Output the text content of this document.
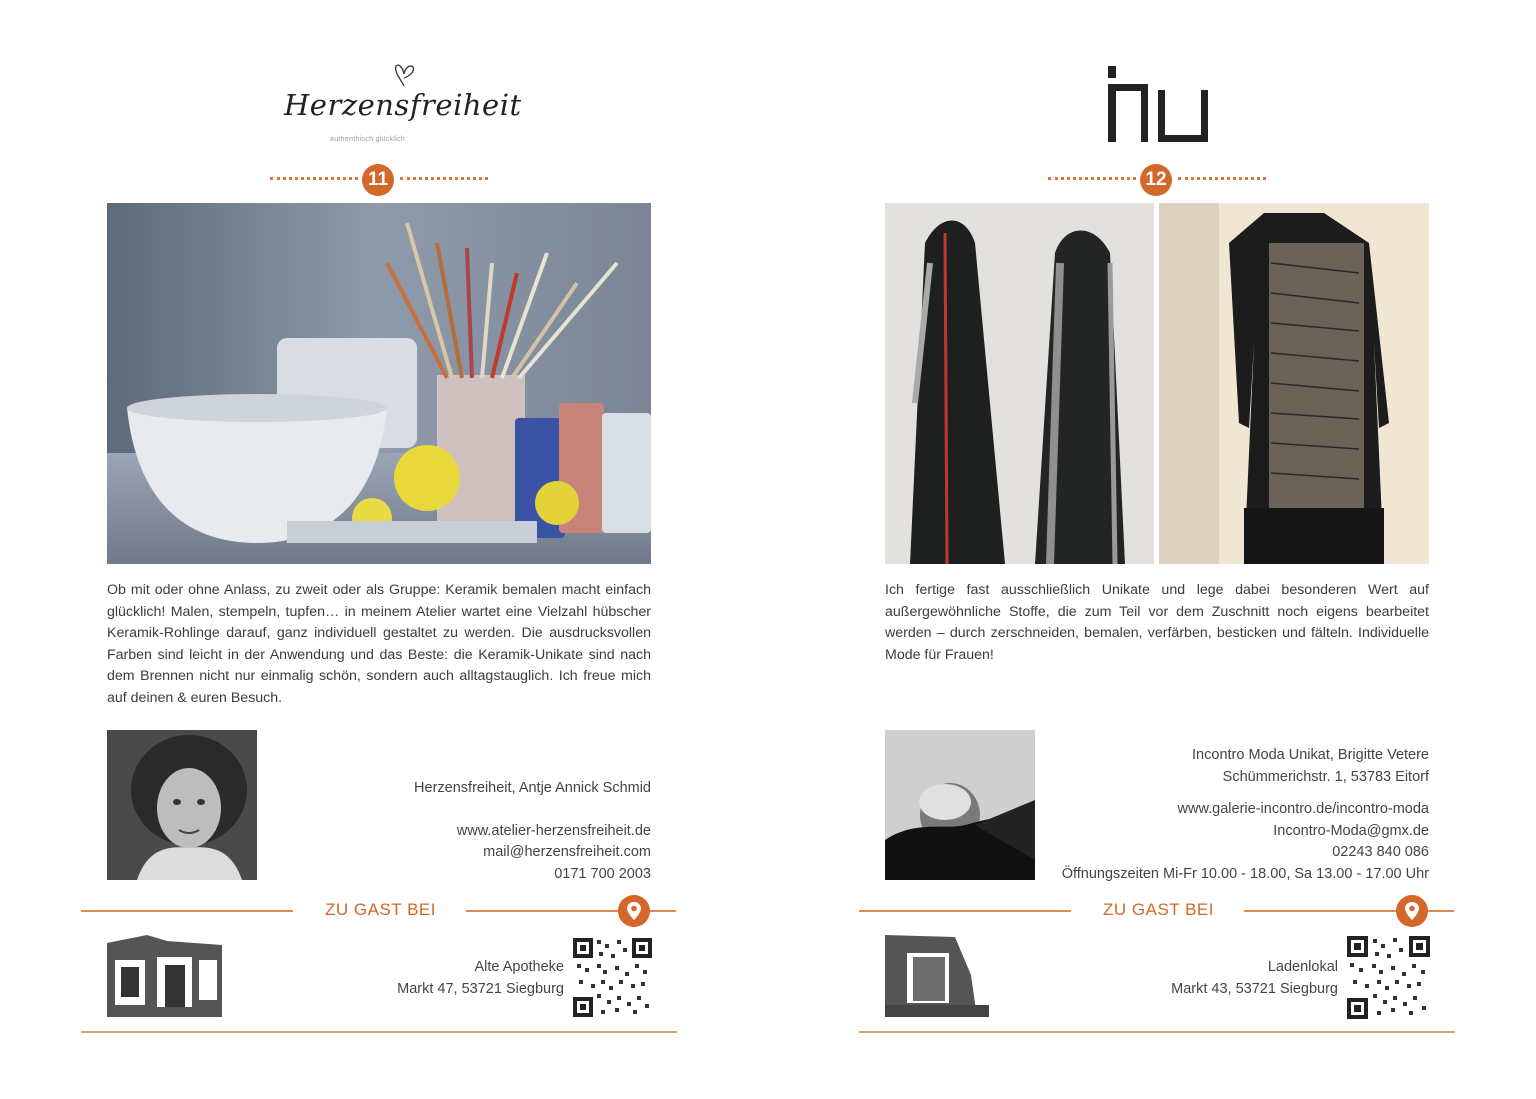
Herzensfreiheit
authenthisch glücklich
11
Ob mit oder ohne Anlass, zu zweit oder als Gruppe: Keramik bemalen macht einfach glücklich! Malen, stempeln, tupfen… in meinem Atelier wartet eine Vielzahl hübscher Keramik-Rohlinge darauf, ganz individuell gestaltet zu werden. Die ausdrucksvollen Farben sind leicht in der Anwendung und das Beste: die Keramik-Unikate sind nach dem Brennen nicht nur einmalig schön, sondern auch alltagstauglich. Ich freue mich auf deinen & euren Besuch.
Herzensfreiheit, Antje Annick Schmid
www.atelier-herzensfreiheit.de
mail@herzensfreiheit.com
0171 700 2003
ZU GAST BEI
Alte Apotheke
Markt 47, 53721 Siegburg
12
Ich fertige fast ausschließlich Unikate und lege dabei besonderen Wert auf außergewöhnliche Stoffe, die zum Teil vor dem Zuschnitt noch eigens bearbeitet werden – durch zerschneiden, bemalen, verfärben, besticken und fälteln. Individuelle Mode für Frauen!
Incontro Moda Unikat, Brigitte Vetere
Schümmerichstr. 1, 53783 Eitorf
www.galerie-incontro.de/incontro-moda
Incontro-Moda@gmx.de
02243 840 086
Öffnungszeiten Mi-Fr 10.00 - 18.00, Sa 13.00 - 17.00 Uhr
ZU GAST BEI
Ladenlokal
Markt 43, 53721 Siegburg
